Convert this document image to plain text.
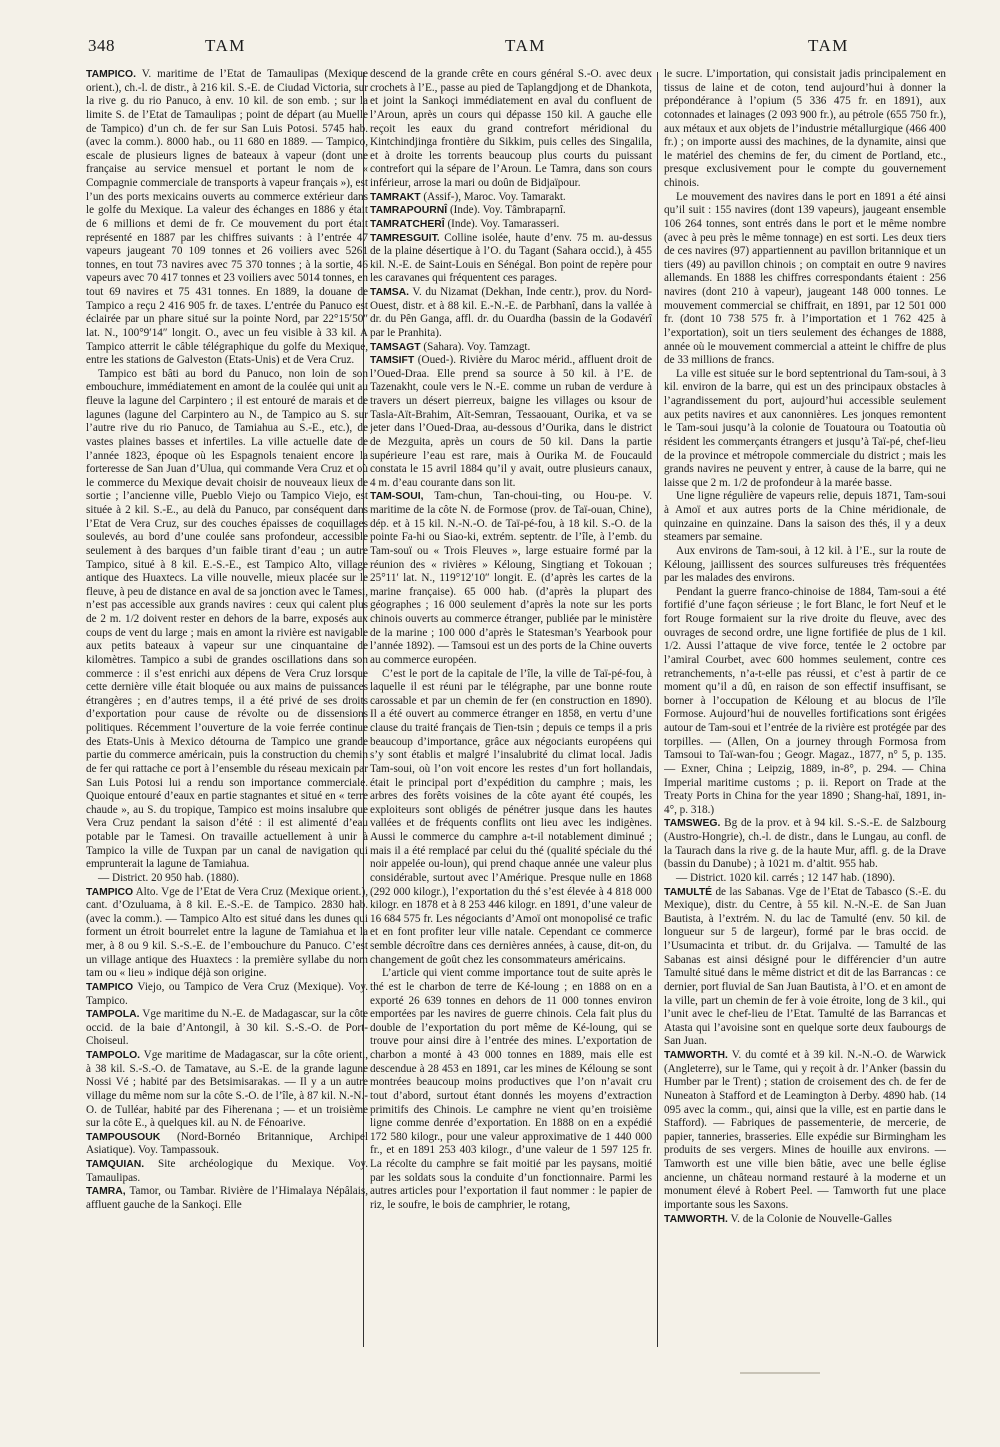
348	TAM	TAM	TAM

TAMPICO. V. maritime de l’Etat de Tamaulipas (Mexique orient.), ch.-l. de distr., à 216 kil. S.-E. de Ciudad Victoria, sur la rive g. du rio Panuco, à env. 10 kil. de son emb. ; sur la limite S. de l’Etat de Tamaulipas ; point de départ (au Muelle de Tampico) d’un ch. de fer sur San Luis Potosi. 5745 hab. (avec la comm.). 8000 hab., ou 11 680 en 1889. — Tampico, escale de plusieurs lignes de bateaux à vapeur (dont une française au service mensuel et portant le nom de « Compagnie commerciale de transports à vapeur français »), est l’un des ports mexicains ouverts au commerce extérieur dans le golfe du Mexique. La valeur des échanges en 1886 y était de 6 millions et demi de fr. Ce mouvement du port était représenté en 1887 par les chiffres suivants : à l’entrée 47 vapeurs jaugeant 70 109 tonnes et 26 voiliers avec 5261 tonnes, en tout 73 navires avec 75 370 tonnes ; à la sortie, 46 vapeurs avec 70 417 tonnes et 23 voiliers avec 5014 tonnes, en tout 69 navires et 75 431 tonnes. En 1889, la douane de Tampico a reçu 2 416 905 fr. de taxes. L’entrée du Panuco est éclairée par un phare situé sur la pointe Nord, par 22°15′50″ lat. N., 100°9′14″ longit. O., avec un feu visible à 33 kil. A Tampico atterrit le câble télégraphique du golfe du Mexique, entre les stations de Galveston (Etats-Unis) et de Vera Cruz.

Tampico est bâti au bord du Panuco, non loin de son embouchure, immédiatement en amont de la coulée qui unit au fleuve la lagune del Carpintero ; il est entouré de marais et de lagunes (lagune del Carpintero au N., de Tampico au S. sur l’autre rive du rio Panuco, de Tamiahua au S.-E., etc.), de vastes plaines basses et infertiles. La ville actuelle date de l’année 1823, époque où les Espagnols tenaient encore la forteresse de San Juan d’Ulua, qui commande Vera Cruz et où le commerce du Mexique devait choisir de nouveaux lieux de sortie ; l’ancienne ville, Pueblo Viejo ou Tampico Viejo, est située à 2 kil. S.-E., au delà du Panuco, par conséquent dans l’Etat de Vera Cruz, sur des couches épaisses de coquillages soulevés, au bord d’une coulée sans profondeur, accessible seulement à des barques d’un faible tirant d’eau ; un autre Tampico, situé à 8 kil. E.-S.-E., est Tampico Alto, village antique des Huaxtecs. La ville nouvelle, mieux placée sur le fleuve, à peu de distance en aval de sa jonction avec le Tamesi, n’est pas accessible aux grands navires : ceux qui calent plus de 2 m. 1/2 doivent rester en dehors de la barre, exposés aux coups de vent du large ; mais en amont la rivière est navigable aux petits bateaux à vapeur sur une cinquantaine de kilomètres. Tampico a subi de grandes oscillations dans son commerce : il s’est enrichi aux dépens de Vera Cruz lorsque cette dernière ville était bloquée ou aux mains de puissances étrangères ; en d’autres temps, il a été privé de ses droits d’exportation pour cause de révolte ou de dissensions politiques. Récemment l’ouverture de la voie ferrée continue des Etats-Unis à Mexico détourna de Tampico une grande partie du commerce américain, puis la construction du chemin de fer qui rattache ce port à l’ensemble du réseau mexicain par San Luis Potosi lui a rendu son importance commerciale. Quoique entouré d’eaux en partie stagnantes et situé en « terre chaude », au S. du tropique, Tampico est moins insalubre que Vera Cruz pendant la saison d’été : il est alimenté d’eau potable par le Tamesi. On travaille actuellement à unir à Tampico la ville de Tuxpan par un canal de navigation qui emprunterait la lagune de Tamiahua.

— District. 20 950 hab. (1880).

TAMPICO Alto. Vge de l’Etat de Vera Cruz (Mexique orient.), cant. d’Ozuluama, à 8 kil. E.-S.-E. de Tampico. 2830 hab. (avec la comm.). — Tampico Alto est situé dans les dunes qui forment un étroit bourrelet entre la lagune de Tamiahua et la mer, à 8 ou 9 kil. S.-S.-E. de l’embouchure du Panuco. C’est un village antique des Huaxtecs : la première syllabe du nom tam ou « lieu » indique déjà son origine.

TAMPICO Viejo, ou Tampico de Vera Cruz (Mexique). Voy. Tampico.

TAMPOLA. Vge maritime du N.-E. de Madagascar, sur la côte occid. de la baie d’Antongil, à 30 kil. S.-S.-O. de Port-Choiseul.

TAMPOLO. Vge maritime de Madagascar, sur la côte orient., à 38 kil. S.-S.-O. de Tamatave, au S.-E. de la grande lagune Nossi Vé ; habité par des Betsimisarakas. — Il y a un autre village du même nom sur la côte S.-O. de l’île, à 87 kil. N.-N.-O. de Tulléar, habité par des Fiherenana ; — et un troisième sur la côte E., à quelques kil. au N. de Fénoarive.

TAMPOUSOUK (Nord-Bornéo Britannique, Archipel Asiatique). Voy. Tampassouk.

TAMQUIAN. Site archéologique du Mexique. Voy. Tamaulipas.

TAMRA, Tamor, ou Tambar. Rivière de l’Himalaya Népâlais, affluent gauche de la Sankoçi. Elle

descend de la grande crête en cours général S.-O. avec deux crochets à l’E., passe au pied de Taplangdjong et de Dhankota, et joint la Sankoçi immédiatement en aval du confluent de l’Aroun, après un cours qui dépasse 150 kil. A gauche elle reçoit les eaux du grand contrefort méridional du Kintchindjinga frontière du Sikkim, puis celles des Singalila, et à droite les torrents beaucoup plus courts du puissant contrefort qui la sépare de l’Aroun. Le Tamra, dans son cours inférieur, arrose la mari ou doûn de Bidjaïpour.

TAMRAKT (Assif-), Maroc. Voy. Tamarakt.

TAMRAPOURNÎ (Inde). Voy. Tâmbrapaṛnî.

TAMRATCHERÎ (Inde). Voy. Tamarasseri.

TAMRESGUIT. Colline isolée, haute d’env. 75 m. au-dessus de la plaine désertique à l’O. du Tagant (Sahara occid.), à 455 kil. N.-E. de Saint-Louis en Sénégal. Bon point de repère pour les caravanes qui fréquentent ces parages.

TAMSA. V. du Nizamat (Dekhan, Inde centr.), prov. du Nord-Ouest, distr. et à 88 kil. E.-N.-E. de Parbhanî, dans la vallée à dr. du Pên Ganga, affl. dr. du Ouardha (bassin de la Godavérî par le Pranhita).

TAMSAGT (Sahara). Voy. Tamzagt.

TAMSIFT (Oued-). Rivière du Maroc mérid., affluent droit de l’Oued-Draa. Elle prend sa source à 50 kil. à l’E. de Tazenakht, coule vers le N.-E. comme un ruban de verdure à travers un désert pierreux, baigne les villages ou ksour de Tasla-Aït-Brahim, Aït-Semran, Tessaouant, Ourika, et va se jeter dans l’Oued-Draa, au-dessous d’Ourika, dans le district de Mezguita, après un cours de 50 kil. Dans la partie supérieure l’eau est rare, mais à Ourika M. de Foucauld constata le 15 avril 1884 qu’il y avait, outre plusieurs canaux, 4 m. d’eau courante dans son lit.

TAM-SOUI, Tam-chun, Tan-choui-ting, ou Hou-pe. V. maritime de la côte N. de Formose (prov. de Taï-ouan, Chine), dép. et à 15 kil. N.-N.-O. de Taï-pé-fou, à 18 kil. S.-O. de la pointe Fa-hi ou Siao-ki, extrém. septentr. de l’île, à l’emb. du Tam-souï ou « Trois Fleuves », large estuaire formé par la réunion des « rivières » Kéloung, Singtiang et Tokouan ; 25°11′ lat. N., 119°12′10″ longit. E. (d’après les cartes de la marine française). 65 000 hab. (d’après la plupart des géographes ; 16 000 seulement d’après la note sur les ports chinois ouverts au commerce étranger, publiée par le ministère de la marine ; 100 000 d’après le Statesman’s Yearbook pour l’année 1892). — Tamsoui est un des ports de la Chine ouverts au commerce européen.

C’est le port de la capitale de l’île, la ville de Taï-pé-fou, à laquelle il est réuni par le télégraphe, par une bonne route carossable et par un chemin de fer (en construction en 1890). Il a été ouvert au commerce étranger en 1858, en vertu d’une clause du traité français de Tien-tsin ; depuis ce temps il a pris beaucoup d’importance, grâce aux négociants européens qui s’y sont établis et malgré l’insalubrité du climat local. Jadis Tam-soui, où l’on voit encore les restes d’un fort hollandais, était le principal port d’expédition du camphre ; mais, les arbres des forêts voisines de la côte ayant été coupés, les exploiteurs sont obligés de pénétrer jusque dans les hautes vallées et de fréquents conflits ont lieu avec les indigènes. Aussi le commerce du camphre a-t-il notablement diminué ; mais il a été remplacé par celui du thé (qualité spéciale du thé noir appelée ou-loun), qui prend chaque année une valeur plus considérable, surtout avec l’Amérique. Presque nulle en 1868 (292 000 kilogr.), l’exportation du thé s’est élevée à 4 818 000 kilogr. en 1878 et à 8 253 446 kilogr. en 1891, d’une valeur de 16 684 575 fr. Les négociants d’Amoï ont monopolisé ce trafic et en font profiter leur ville natale. Cependant ce commerce semble décroître dans ces dernières années, à cause, dit-on, du changement de goût chez les consommateurs américains.

L’article qui vient comme importance tout de suite après le thé est le charbon de terre de Ké-loung ; en 1888 on en a exporté 26 639 tonnes en dehors de 11 000 tonnes environ emportées par les navires de guerre chinois. Cela fait plus du double de l’exportation du port même de Ké-loung, qui se trouve pour ainsi dire à l’entrée des mines. L’exportation de charbon a monté à 43 000 tonnes en 1889, mais elle est descendue à 28 453 en 1891, car les mines de Kéloung se sont montrées beaucoup moins productives que l’on n’avait cru tout d’abord, surtout étant donnés les moyens d’extraction primitifs des Chinois. Le camphre ne vient qu’en troisième ligne comme denrée d’exportation. En 1888 on en a expédié 172 580 kilogr., pour une valeur approximative de 1 440 000 fr., et en 1891 253 403 kilogr., d’une valeur de 1 597 125 fr. La récolte du camphre se fait moitié par les paysans, moitié par les soldats sous la conduite d’un fonctionnaire. Parmi les autres articles pour l’exportation il faut nommer : le papier de riz, le soufre, le bois de camphrier, le rotang,

le sucre. L’importation, qui consistait jadis principalement en tissus de laine et de coton, tend aujourd’hui à donner la prépondérance à l’opium (5 336 475 fr. en 1891), aux cotonnades et lainages (2 093 900 fr.), au pétrole (655 750 fr.), aux métaux et aux objets de l’industrie métallurgique (466 400 fr.) ; on importe aussi des machines, de la dynamite, ainsi que le matériel des chemins de fer, du ciment de Portland, etc., presque exclusivement pour le compte du gouvernement chinois.

Le mouvement des navires dans le port en 1891 a été ainsi qu’il suit : 155 navires (dont 139 vapeurs), jaugeant ensemble 106 264 tonnes, sont entrés dans le port et le même nombre (avec à peu près le même tonnage) en est sorti. Les deux tiers de ces navires (97) appartiennent au pavillon britannique et un tiers (49) au pavillon chinois ; on comptait en outre 9 navires allemands. En 1888 les chiffres correspondants étaient : 256 navires (dont 210 à vapeur), jaugeant 148 000 tonnes. Le mouvement commercial se chiffrait, en 1891, par 12 501 000 fr. (dont 10 738 575 fr. à l’importation et 1 762 425 à l’exportation), soit un tiers seulement des échanges de 1888, année où le mouvement commercial a atteint le chiffre de plus de 33 millions de francs.

La ville est située sur le bord septentrional du Tam-soui, à 3 kil. environ de la barre, qui est un des principaux obstacles à l’agrandissement du port, aujourd’hui accessible seulement aux petits navires et aux canonnières. Les jonques remontent le Tam-soui jusqu’à la colonie de Touatoura ou Toatoutia où résident les commerçants étrangers et jusqu’à Taï-pé, chef-lieu de la province et métropole commerciale du district ; mais les grands navires ne peuvent y entrer, à cause de la barre, qui ne laisse que 2 m. 1/2 de profondeur à la marée basse.

Une ligne régulière de vapeurs relie, depuis 1871, Tam-soui à Amoï et aux autres ports de la Chine méridionale, de quinzaine en quinzaine. Dans la saison des thés, il y a deux steamers par semaine.

Aux environs de Tam-soui, à 12 kil. à l’E., sur la route de Kéloung, jaillissent des sources sulfureuses très fréquentées par les malades des environs.

Pendant la guerre franco-chinoise de 1884, Tam-soui a été fortifié d’une façon sérieuse ; le fort Blanc, le fort Neuf et le fort Rouge formaient sur la rive droite du fleuve, avec des ouvrages de second ordre, une ligne fortifiée de plus de 1 kil. 1/2. Aussi l’attaque de vive force, tentée le 2 octobre par l’amiral Courbet, avec 600 hommes seulement, contre ces retranchements, n’a-t-elle pas réussi, et c’est à partir de ce moment qu’il a dû, en raison de son effectif insuffisant, se borner à l’occupation de Kéloung et au blocus de l’île Formose. Aujourd’hui de nouvelles fortifications sont érigées autour de Tam-soui et l’entrée de la rivière est protégée par des torpilles. — (Allen, On a journey through Formosa from Tamsoui to Taï-wan-fou ; Geogr. Magaz., 1877, n° 5, p. 135. — Exner, China ; Leipzig, 1889, in-8°, p. 294. — China Imperial maritime customs ; p. ii. Report on Trade at the Treaty Ports in China for the year 1890 ; Shang-haï, 1891, in-4°, p. 318.)

TAMSWEG. Bg de la prov. et à 94 kil. S.-S.-E. de Salzbourg (Austro-Hongrie), ch.-l. de distr., dans le Lungau, au confl. de la Taurach dans la rive g. de la haute Mur, affl. g. de la Drave (bassin du Danube) ; à 1021 m. d’altit. 955 hab.

— District. 1020 kil. carrés ; 12 147 hab. (1890).

TAMULTÉ de las Sabanas. Vge de l’Etat de Tabasco (S.-E. du Mexique), distr. du Centre, à 55 kil. N.-N.-E. de San Juan Bautista, à l’extrém. N. du lac de Tamulté (env. 50 kil. de longueur sur 5 de largeur), formé par le bras occid. de l’Usumacinta et tribut. dr. du Grijalva. — Tamulté de las Sabanas est ainsi désigné pour le différencier d’un autre Tamulté situé dans le même district et dit de las Barrancas : ce dernier, port fluvial de San Juan Bautista, à l’O. et en amont de la ville, part un chemin de fer à voie étroite, long de 3 kil., qui l’unit avec le chef-lieu de l’Etat. Tamulté de las Barrancas et Atasta qui l’avoisine sont en quelque sorte deux faubourgs de San Juan.

TAMWORTH. V. du comté et à 39 kil. N.-N.-O. de Warwick (Angleterre), sur le Tame, qui y reçoit à dr. l’Anker (bassin du Humber par le Trent) ; station de croisement des ch. de fer de Nuneaton à Stafford et de Leamington à Derby. 4890 hab. (14 095 avec la comm., qui, ainsi que la ville, est en partie dans le Stafford). — Fabriques de passementerie, de mercerie, de papier, tanneries, brasseries. Elle expédie sur Birmingham les produits de ses vergers. Mines de houille aux environs. — Tamworth est une ville bien bâtie, avec une belle église ancienne, un château normand restauré à la moderne et un monument élevé à Robert Peel. — Tamworth fut une place importante sous les Saxons.

TAMWORTH. V. de la Colonie de Nouvelle-Galles
